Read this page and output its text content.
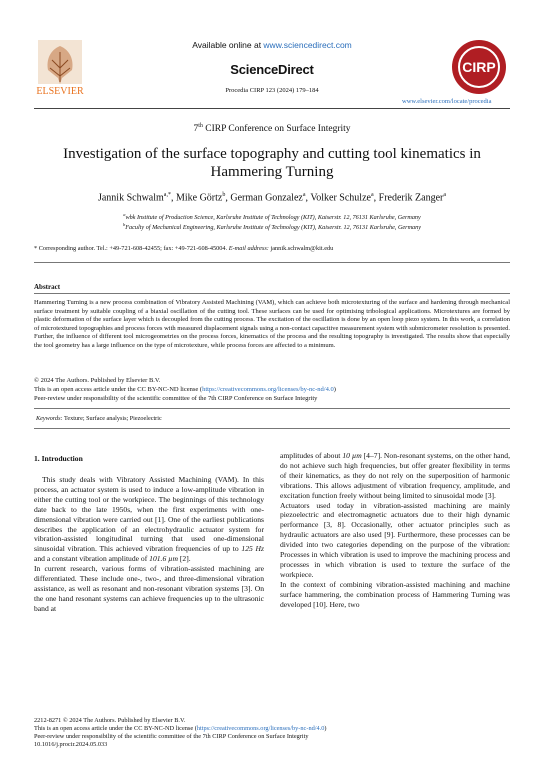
ELSEVIER
Available online at www.sciencedirect.com
ScienceDirect
Procedia CIRP 123 (2024) 179–184
CIRP
www.elsevier.com/locate/procedia
7th CIRP Conference on Surface Integrity
Investigation of the surface topography and cutting tool kinematics in
Hammering Turning
Jannik Schwalm$^{a,*}$, Mike Görtz$^b$, German Gonzalez$^a$, Volker Schulze$^a$, Frederik Zanger$^a$
$^a$wbk Institute of Production Science, Karlsruhe Institute of Technology (KIT), Kaiserstr. 12, 76131 Karlsruhe, Germany
$^b$Faculty of Mechanical Engineering, Karlsruhe Institute of Technology (KIT), Kaiserstr. 12, 76131 Karlsruhe, Germany
* Corresponding author. Tel.: +49-721-608-42455; fax: +49-721-608-45004. E-mail address: jannik.schwalm@kit.edu
Abstract
Hammering Turning is a new process combination of Vibratory Assisted Machining (VAM), which can achieve both microtexturing of the surface and hardening through mechanical surface treatment by suitable coupling of a biaxial oscillation of the cutting tool. These surfaces can be used for optimising tribological applications. Microtextures are formed by plastic deformation of the surface layer which is decoupled from the cutting process. The excitation of the oscillation is done by an open loop piezo system. In this work, a correlation of microtextured topographies and process forces with measured displacement signals using a non-contact capacitive measurement system with submicrometer resolution is presented. Further, the influence of different tool microgeometries on the process forces, kinematics of the process and the resulting topography is investigated. The results show that especially the tool geometry has a large influence on the type of microtexture, while process forces are affected to a minimum.
© 2024 The Authors. Published by Elsevier B.V.
This is an open access article under the CC BY-NC-ND license (https://creativecommons.org/licenses/by-nc-nd/4.0)
Peer-review under responsibility of the scientific committee of the 7th CIRP Conference on Surface Integrity
Keywords: Texture; Surface analysis; Piezoelectric
1. Introduction

This study deals with Vibratory Assisted Machining (VAM). In this process, an actuator system is used to induce a low-amplitude vibration in either the cutting tool or the workpiece. The beginnings of this technology date back to the late 1950s, when the first experiments with one-dimensional vibration were carried out [1]. One of the earliest publications describes the application of an electrohydraulic actuator system for vibration-assisted longitudinal turning that used one-dimensional sinusoidal vibration. This achieved vibration frequencies of up to 125 Hz and a constant vibration amplitude of 101.6 µm [2].

In current research, various forms of vibration-assisted machining are differentiated. These include one-, two-, and three-dimensional vibration assistance, as well as resonant and non-resonant vibration systems [3]. On the one hand resonant systems can achieve frequencies up to the ultrasonic band at

amplitudes of about 10 µm [4–7]. Non-resonant systems, on the other hand, do not achieve such high frequencies, but offer greater flexibility in terms of their kinematics, as they do not rely on the superposition of harmonic vibrations. This allows adjustment of vibration frequency, amplitude, and excitation function freely without being limited to sinusoidal mode [3].

Actuators used today in vibration-assisted machining are mainly piezoelectric and electromagnetic actuators due to their high dynamic performance [3, 8]. Occasionally, other actuator principles such as hydraulic actuators are also used [9]. Furthermore, these processes can be divided into two categories depending on the purpose of the vibration: Processes in which vibration is used to improve the machining process and processes in which vibration is used to texture the surface of the workpiece.

In the context of combining vibration-assisted machining and machine surface hammering, the combination process of Hammering Turning was developed [10]. Here, two

2212-8271 © 2024 The Authors. Published by Elsevier B.V.
This is an open access article under the CC BY-NC-ND license (https://creativecommons.org/licenses/by-nc-nd/4.0)
Peer-review under responsibility of the scientific committee of the 7th CIRP Conference on Surface Integrity
10.1016/j.procir.2024.05.033
